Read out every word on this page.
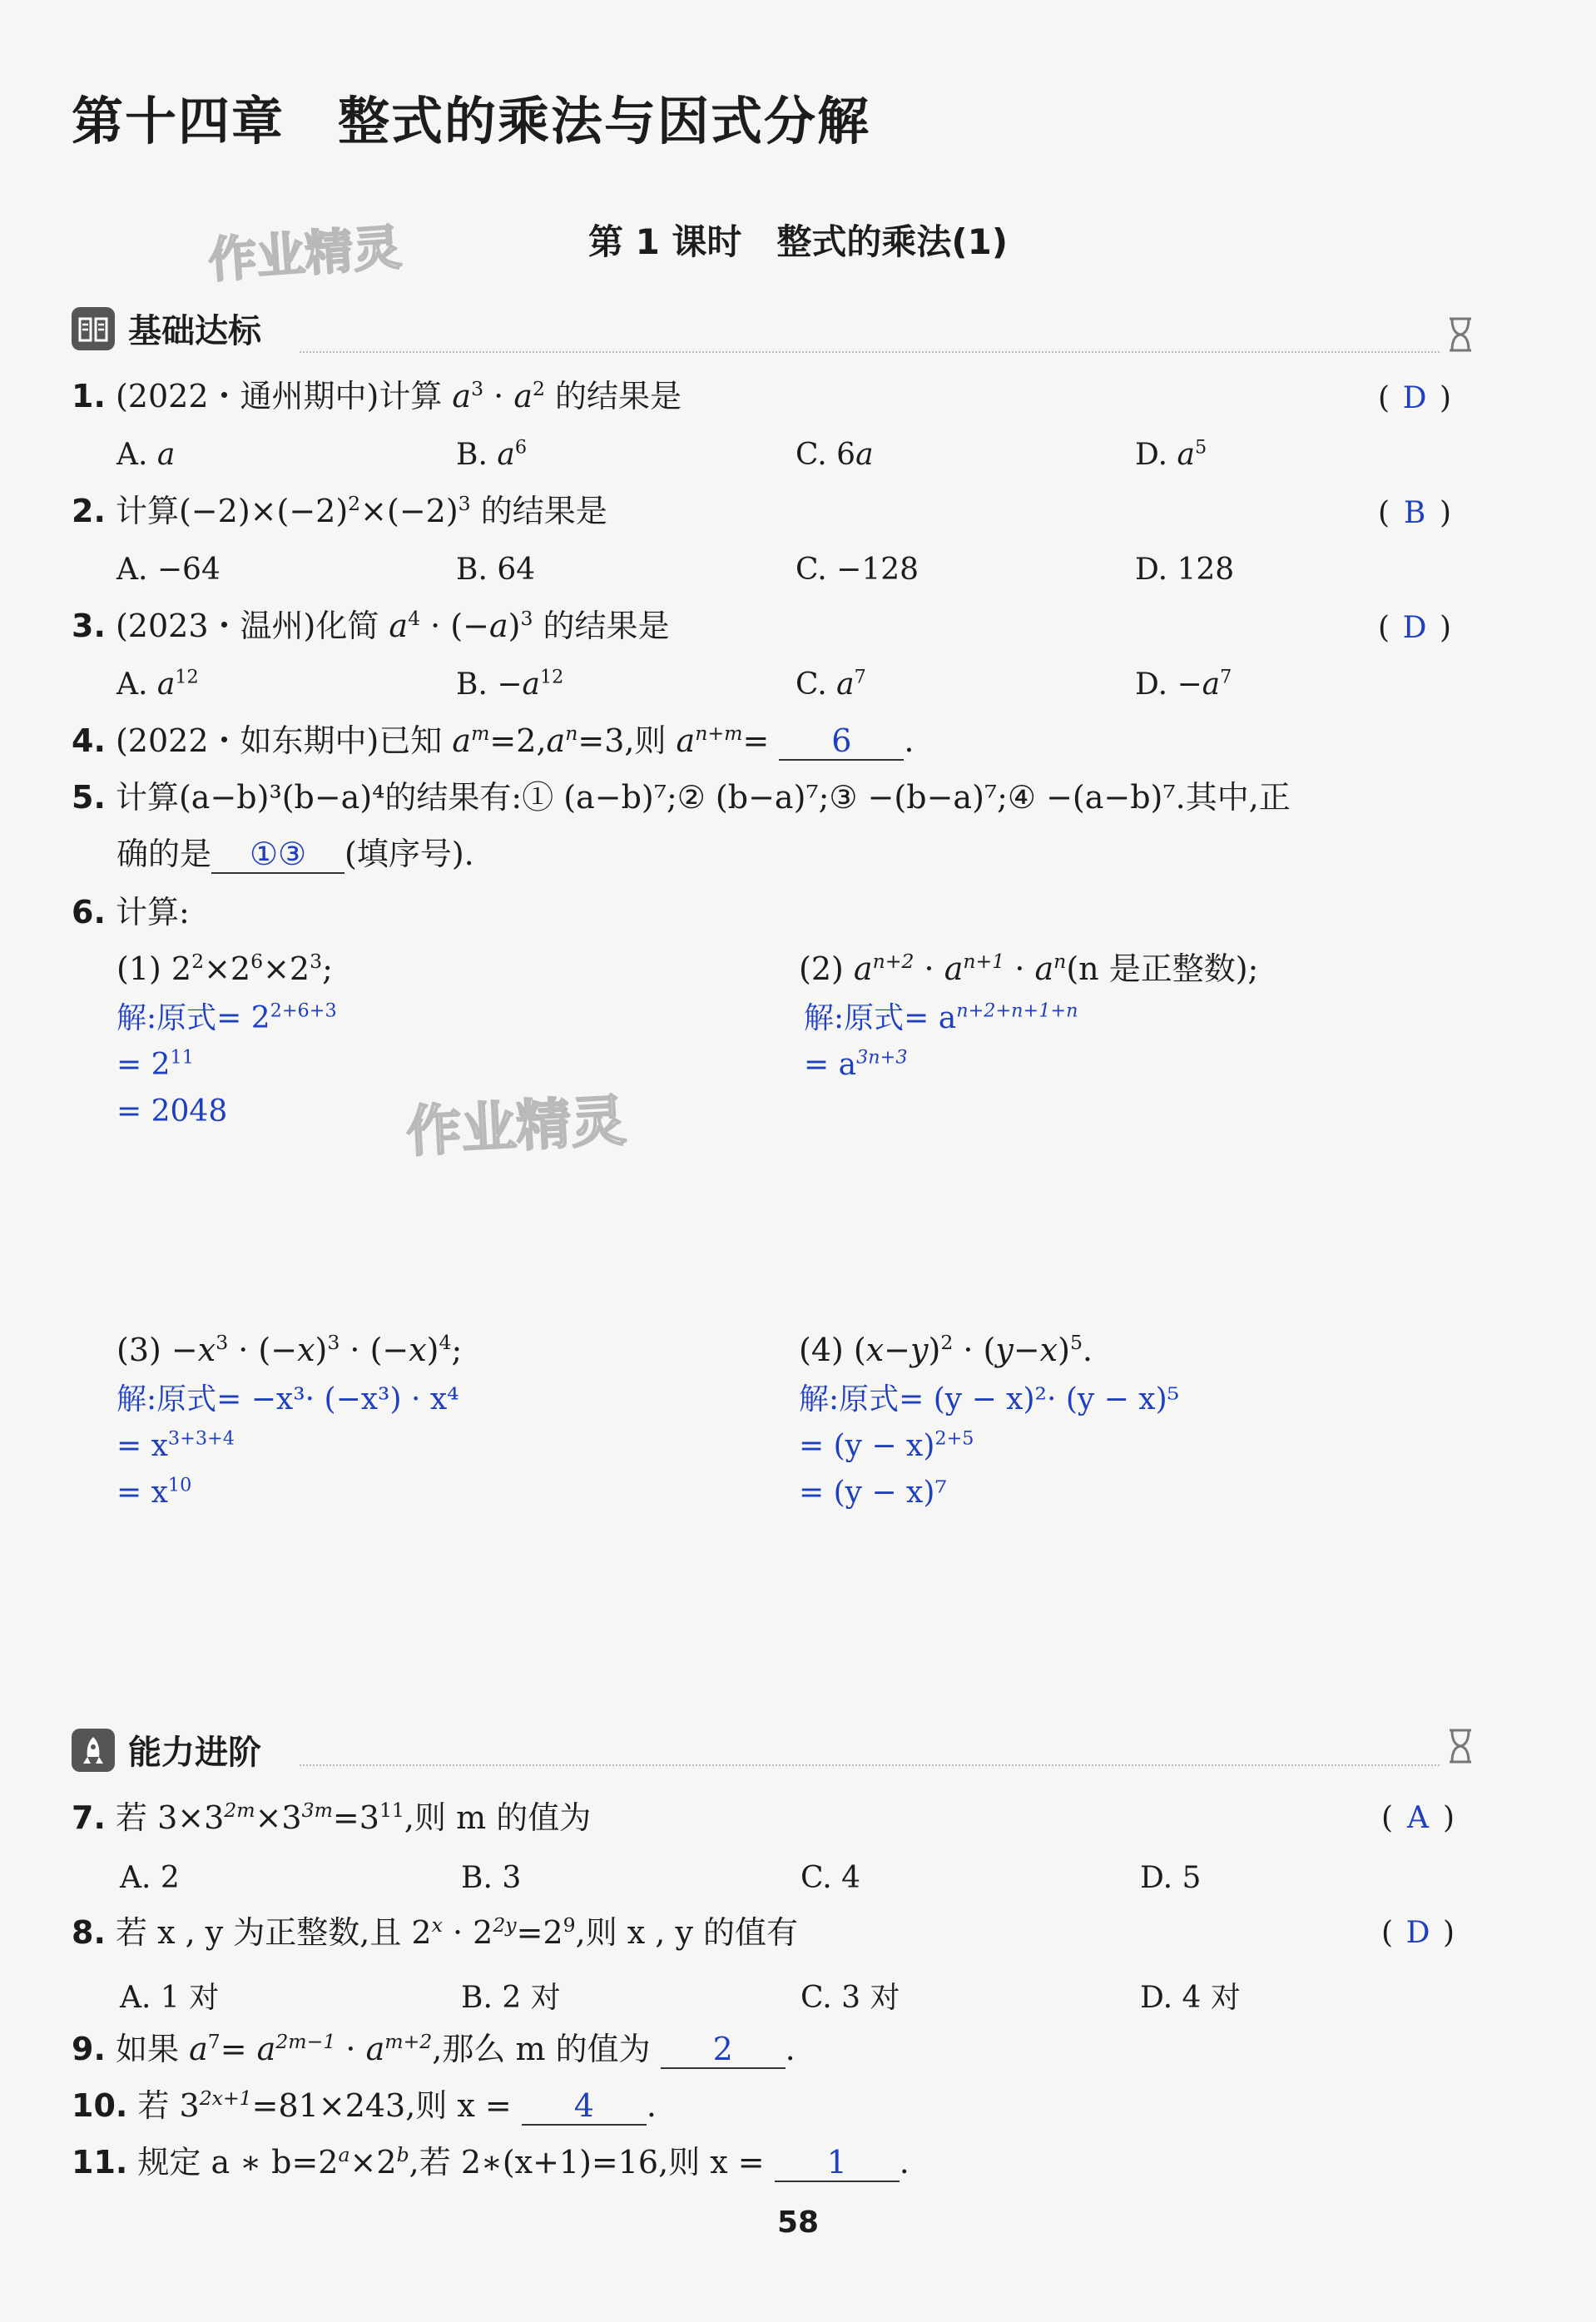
第十四章　整式的乘法与因式分解
第 1 课时　整式的乘法(1)
作业精灵
作业精灵
基础达标
1. (2022・通州期中)计算 $a^3 \cdot a^2$ 的结果是	( D )
A. a	B. $a^6$	C. 6a	D. $a^5$
2. 计算$(-2)\times(-2)^2\times(-2)^3$ 的结果是	( B )
A. −64	B. 64	C. −128	D. 128
3. (2023・温州)化简 $a^4 \cdot (-a)^3$ 的结果是	( D )
A. $a^{12}$	B. $-a^{12}$	C. $a^7$	D. $-a^7$
4. (2022・如东期中)已知 $a^m=2,a^n=3$,则 $a^{n+m}= 6$ .
5. 计算(a−b)³(b−a)⁴的结果有:① (a−b)⁷;② (b−a)⁷;③ −(b−a)⁷;④ −(a−b)⁷.其中,正
确的是 ①③ (填序号).
6. 计算:
(1) $2^2\times 2^6\times 2^3$;	(2) $a^{n+2} \cdot a^{n+1} \cdot a^n(n$ 是正整数);
解:原式= $2^{2+6+3}$
= $2^{11}$
= 2048
解:原式= $a^{n+2+n+1+n}$
= $a^{3n+3}$
$(3) -x^3 \cdot (-x)^3 \cdot (-x)^4$;	(4) $(x-y)^2 \cdot (y-x)^5$.
解:原式= −x³· (−x³) · x⁴
= $x^{3+3+4}$
= $x^{10}$
解:原式= (y − x)²· (y − x)⁵
= $(y - x)^{2+5}$
= (y − x)⁷
能力进阶
7. 若 $3\times 3^{2m}\times 3^{3m}=3^{11}$,则 m 的值为	( A )
A. 2	B. 3	C. 4	D. 5
8. 若 x , y 为正整数,且 $2^x \cdot 2^{2y}=2^9$,则 x , y 的值有	( D )
A. 1 对	B. 2 对	C. 3 对	D. 4 对
9. 如果 $a^7= a^{2m-1} \cdot a^{m+2}$,那么 m 的值为 2 .
10. 若 $3^{2x+1}=81\times 243$,则 x = 4 .
11. 规定 a ∗ $b=2^a\times 2^b$,若 2∗(x+1)=16,则 x = 1 .
58
